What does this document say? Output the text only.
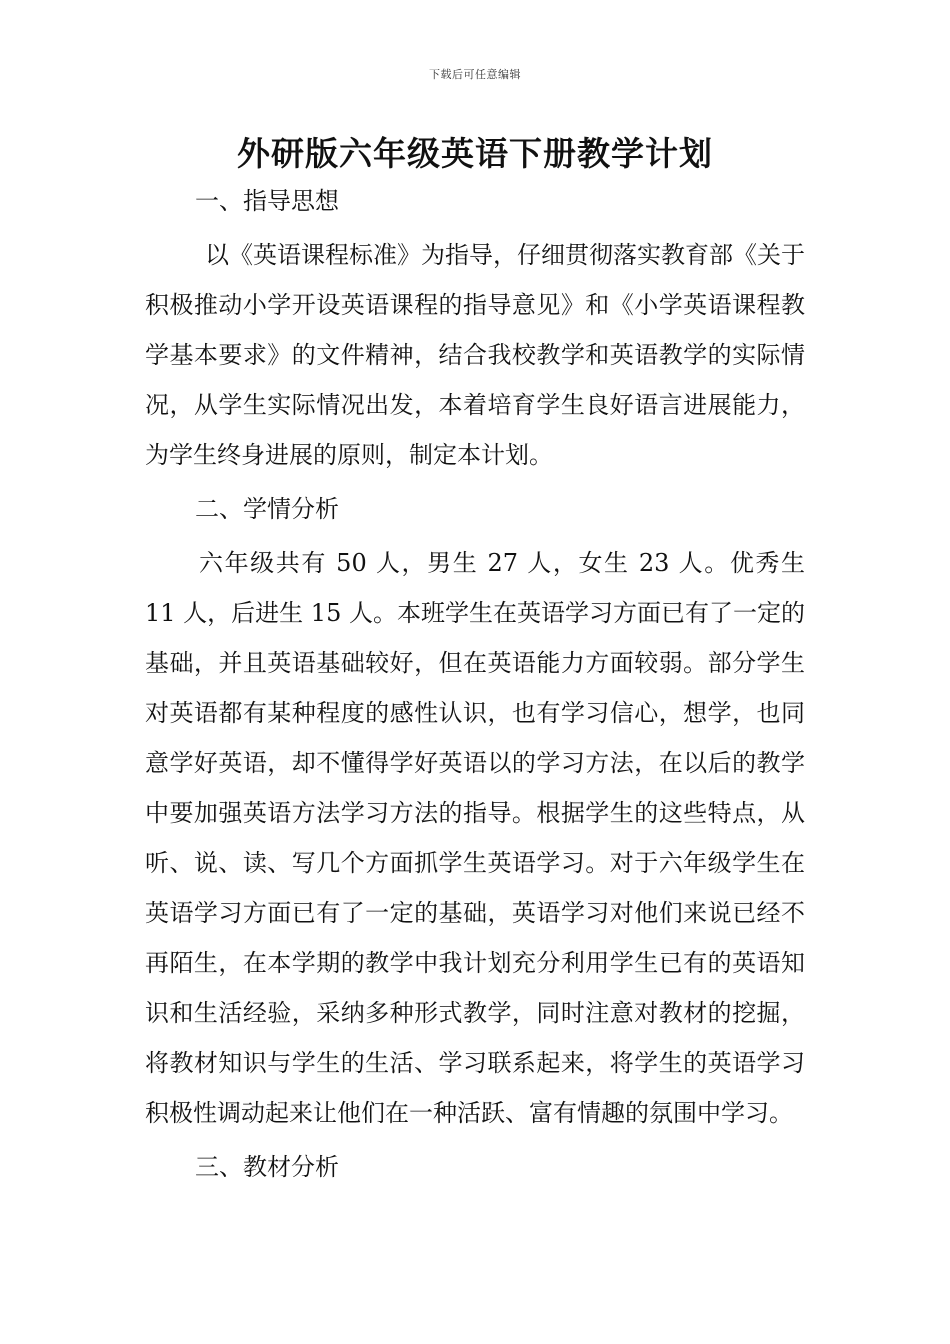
下载后可任意编辑
外研版六年级英语下册教学计划
一、指导思想

以《英语课程标准》为指导，仔细贯彻落实教育部《关于积极推动小学开设英语课程的指导意见》和《小学英语课程教学基本要求》的文件精神，结合我校教学和英语教学的实际情况，从学生实际情况出发，本着培育学生良好语言进展能力，为学生终身进展的原则，制定本计划。

二、学情分析

六年级共有 50 人，男生 27 人，女生 23 人。优秀生 11 人，后进生 15 人。本班学生在英语学习方面已有了一定的基础，并且英语基础较好，但在英语能力方面较弱。部分学生对英语都有某种程度的感性认识，也有学习信心，想学，也同意学好英语，却不懂得学好英语以的学习方法，在以后的教学中要加强英语方法学习方法的指导。根据学生的这些特点，从听、说、读、写几个方面抓学生英语学习。对于六年级学生在英语学习方面已有了一定的基础，英语学习对他们来说已经不再陌生，在本学期的教学中我计划充分利用学生已有的英语知识和生活经验，采纳多种形式教学，同时注意对教材的挖掘，将教材知识与学生的生活、学习联系起来，将学生的英语学习积极性调动起来让他们在一种活跃、富有情趣的氛围中学习。

三、教材分析
